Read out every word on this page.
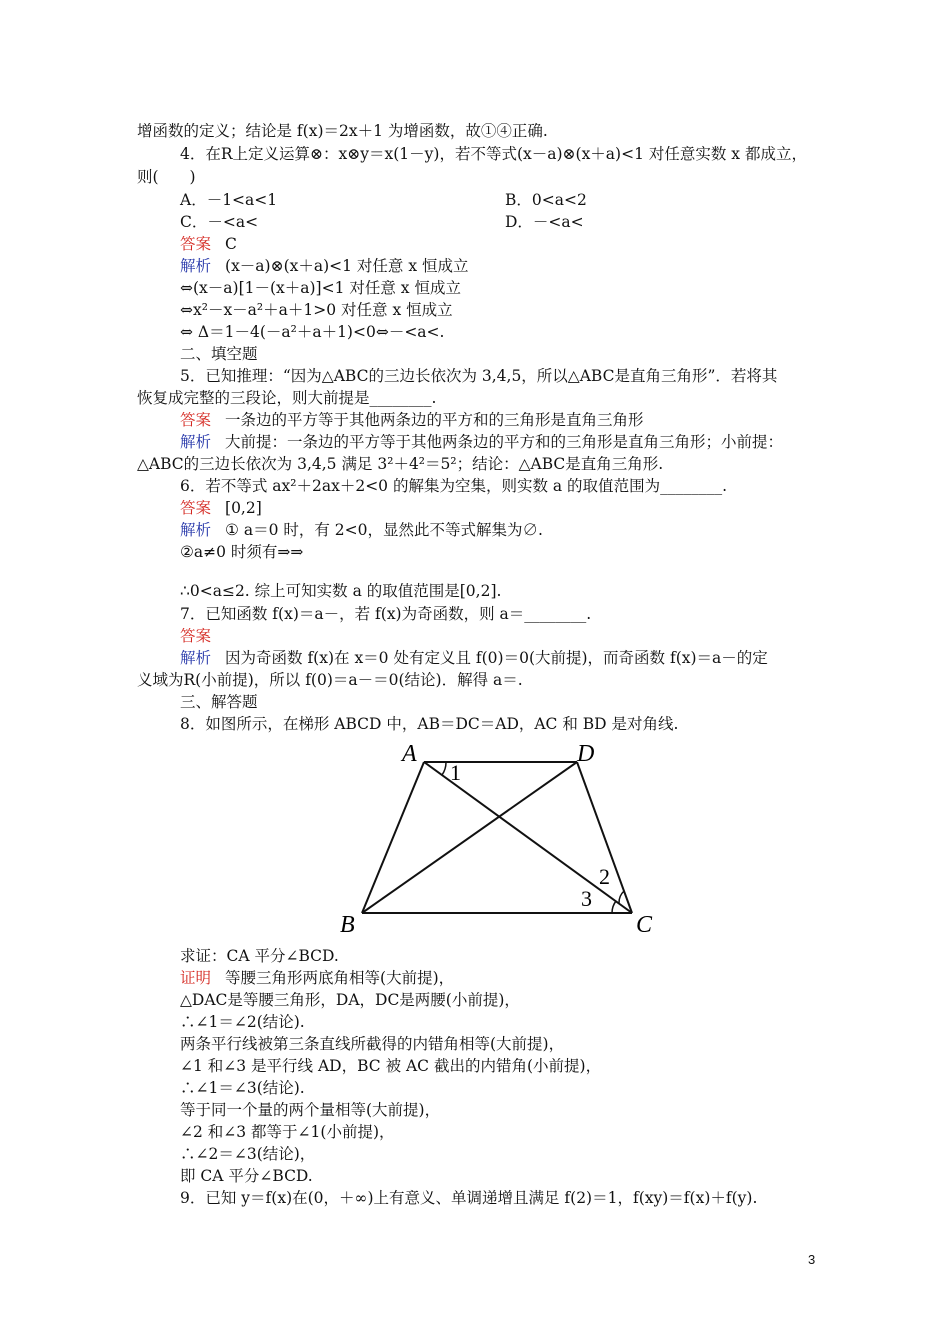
增函数的定义；结论是 f(x)＝2x＋1 为增函数，故①④正确.
4．在R上定义运算⊗：x⊗y＝x(1－y)，若不等式(x－a)⊗(x＋a)<1 对任意实数 x 都成立，
则(　　)
A．－1<a<1	B．0<a<2
C．－<a<	D．－<a<
答案 C
解析 (x－a)⊗(x＋a)<1 对任意 x 恒成立
⇔(x－a)[1－(x＋a)]<1 对任意 x 恒成立
⇔x²－x－a²＋a＋1>0 对任意 x 恒成立
⇔ Δ＝1－4(－a²＋a＋1)<0⇔－<a<.
二、填空题
5．已知推理：“因为△ABC的三边长依次为 3,4,5，所以△ABC是直角三角形”．若将其
恢复成完整的三段论，则大前提是________.
答案 一条边的平方等于其他两条边的平方和的三角形是直角三角形
解析 大前提：一条边的平方等于其他两条边的平方和的三角形是直角三角形；小前提：
△ABC的三边长依次为 3,4,5 满足 3²＋4²＝5²；结论：△ABC是直角三角形.
6．若不等式 ax²＋2ax＋2<0 的解集为空集，则实数 a 的取值范围为________.
答案 [0,2]
解析 ① a＝0 时，有 2<0，显然此不等式解集为∅.
②a≠0 时须有⇒⇒
∴0<a≤2. 综上可知实数 a 的取值范围是[0,2].
7．已知函数 f(x)＝a－，若 f(x)为奇函数，则 a＝________.
答案
解析 因为奇函数 f(x)在 x＝0 处有定义且 f(0)＝0(大前提)，而奇函数 f(x)＝a－的定
义域为R(小前提)，所以 f(0)＝a－＝0(结论)．解得 a＝.
三、解答题
8．如图所示，在梯形 ABCD 中，AB＝DC＝AD，AC 和 BD 是对角线.
A	D
B	C
1
2
3
求证：CA 平分∠BCD.
证明 等腰三角形两底角相等(大前提)，
△DAC是等腰三角形，DA，DC是两腰(小前提)，
∴∠1＝∠2(结论).
两条平行线被第三条直线所截得的内错角相等(大前提)，
∠1 和∠3 是平行线 AD，BC 被 AC 截出的内错角(小前提)，
∴∠1＝∠3(结论).
等于同一个量的两个量相等(大前提)，
∠2 和∠3 都等于∠1(小前提)，
∴∠2＝∠3(结论)，
即 CA 平分∠BCD.
9．已知 y＝f(x)在(0，＋∞)上有意义、单调递增且满足 f(2)＝1，f(xy)＝f(x)＋f(y).
3
